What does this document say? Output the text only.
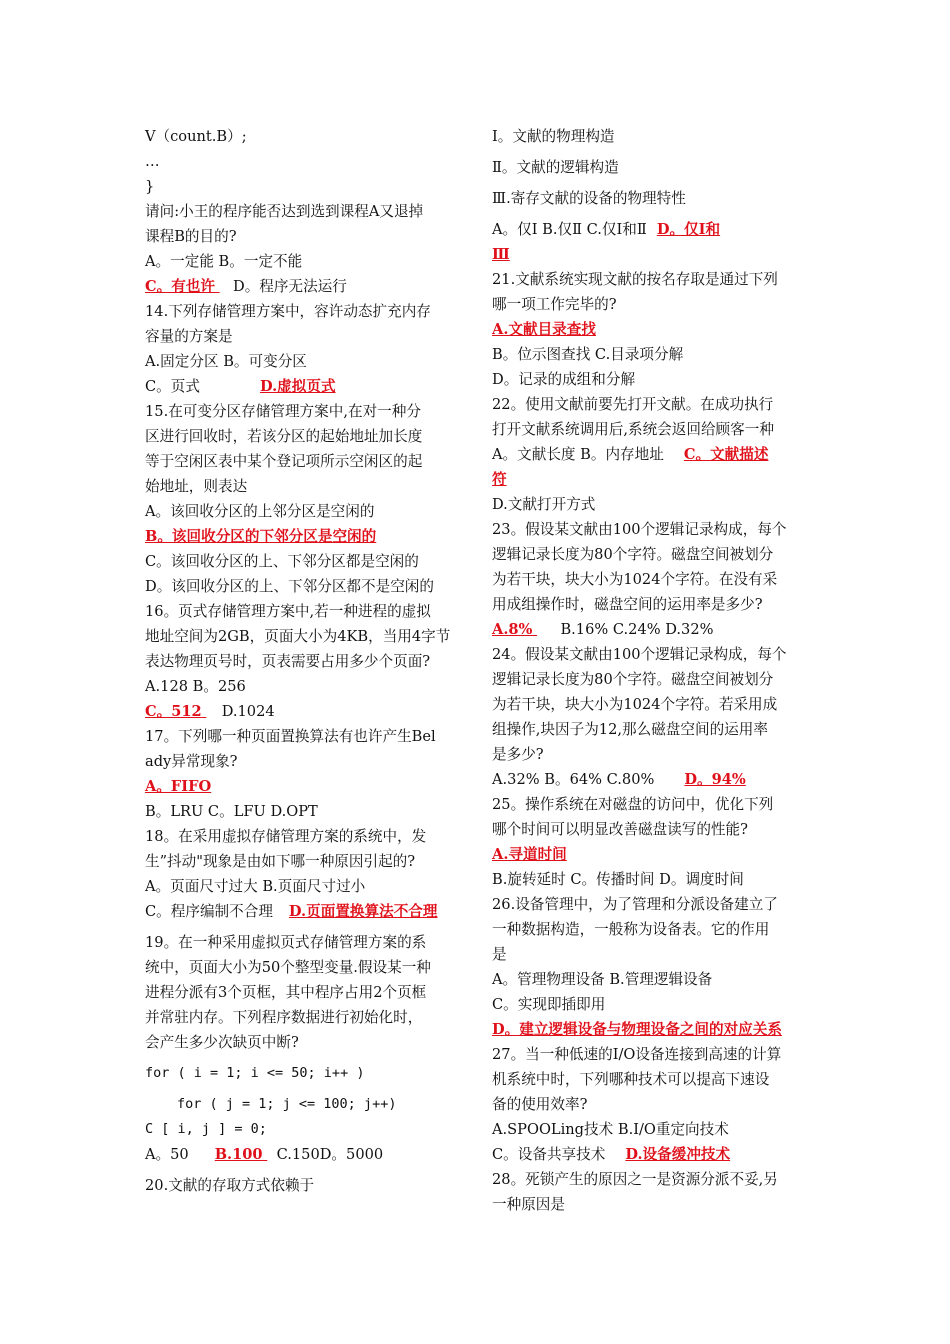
V（count.B）;
…
}
请问:小王的程序能否达到选到课程A又退掉
课程B的目的?
A。一定能 B。一定不能
C。有也许 D。程序无法运行
14.下列存储管理方案中，容许动态扩充内存
容量的方案是
A.固定分区 B。可变分区
C。页式	D.虚拟页式
15.在可变分区存储管理方案中,在对一种分
区进行回收时，若该分区的起始地址加长度
等于空闲区表中某个登记项所示空闲区的起
始地址，则表达
A。该回收分区的上邻分区是空闲的
B。该回收分区的下邻分区是空闲的
C。该回收分区的上、下邻分区都是空闲的
D。该回收分区的上、下邻分区都不是空闲的
16。页式存储管理方案中,若一种进程的虚拟
地址空间为2GB，页面大小为4KB，当用4字节
表达物理页号时，页表需要占用多少个页面?
A.128 B。256
C。512 D.1024
17。下列哪一种页面置换算法有也许产生Bel
ady异常现象?
A。FIFO
B。LRU C。LFU D.OPT
18。在采用虚拟存储管理方案的系统中，发
生”抖动"现象是由如下哪一种原因引起的?
A。页面尺寸过大 B.页面尺寸过小
C。程序编制不合理 D.页面置换算法不合理
19。在一种采用虚拟页式存储管理方案的系
统中，页面大小为50个整型变量.假设某一种
进程分派有3个页框，其中程序占用2个页框
并常驻内存。下列程序数据进行初始化时，
会产生多少次缺页中断?
for ( i = 1; i <= 50; i++ )
for ( j = 1; j <= 100; j++)
C [ i, j ] = 0;
A。50 B.100 C.150D。5000
20.文献的存取方式依赖于
Ⅰ。文献的物理构造
Ⅱ。文献的逻辑构造
Ⅲ.寄存文献的设备的物理特性
A。仅Ⅰ B.仅Ⅱ C.仅Ⅰ和Ⅱ D。仅Ⅰ和
Ⅲ
21.文献系统实现文献的按名存取是通过下列
哪一项工作完毕的?
A.文献目录查找
B。位示图查找 C.目录项分解
D。记录的成组和分解
22。使用文献前要先打开文献。在成功执行
打开文献系统调用后,系统会返回给顾客一种
A。文献长度 B。内存地址 C。文献描述
符
D.文献打开方式
23。假设某文献由100个逻辑记录构成，每个
逻辑记录长度为80个字符。磁盘空间被划分
为若干块，块大小为1024个字符。在没有采
用成组操作时，磁盘空间的运用率是多少?
A.8% B.16% C.24% D.32%
24。假设某文献由100个逻辑记录构成，每个
逻辑记录长度为80个字符。磁盘空间被划分
为若干块，块大小为1024个字符。若采用成
组操作,块因子为12,那么磁盘空间的运用率
是多少?
A.32% B。64% C.80% D。94%
25。操作系统在对磁盘的访问中，优化下列
哪个时间可以明显改善磁盘读写的性能?
A.寻道时间
B.旋转延时 C。传播时间 D。调度时间
26.设备管理中，为了管理和分派设备建立了
一种数据构造，一般称为设备表。它的作用
是
A。管理物理设备 B.管理逻辑设备
C。实现即插即用
D。建立逻辑设备与物理设备之间的对应关系
27。当一种低速的I/O设备连接到高速的计算
机系统中时，下列哪种技术可以提高下速设
备的使用效率?
A.SPOOLing技术 B.I/O重定向技术
C。设备共享技术 D.设备缓冲技术
28。死锁产生的原因之一是资源分派不妥,另
一种原因是
